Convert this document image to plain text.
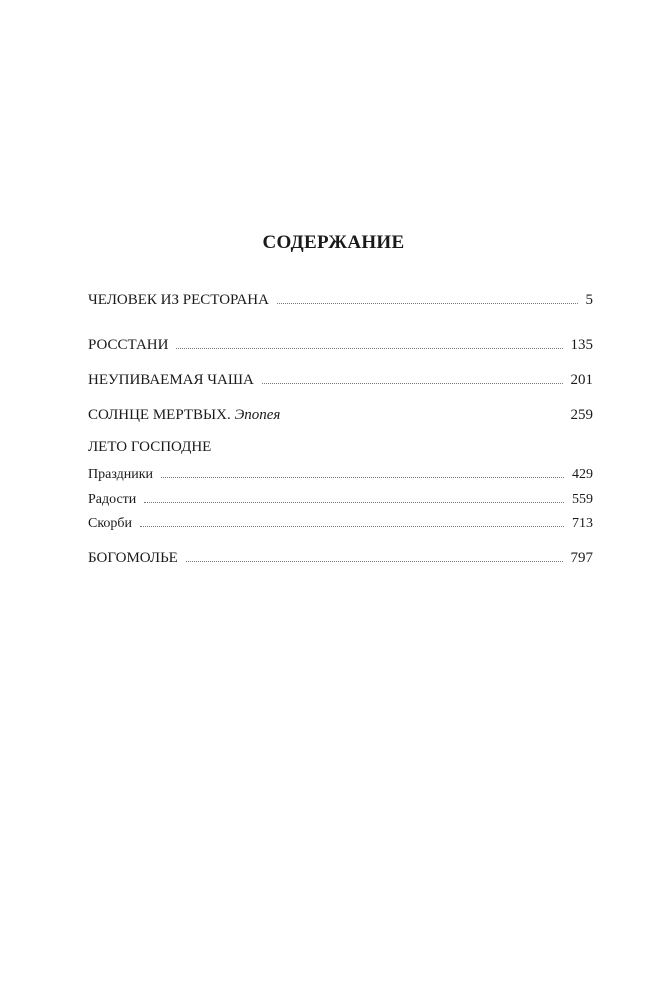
СОДЕРЖАНИЕ
ЧЕЛОВЕК ИЗ РЕСТОРАНА	5
РОССТАНИ	135
НЕУПИВАЕМАЯ ЧАША	201
СОЛНЦЕ МЕРТВЫХ. Эпопея	259
ЛЕТО ГОСПОДНЕ
Праздники	429
Радости	559
Скорби	713
БОГОМОЛЬЕ	797
